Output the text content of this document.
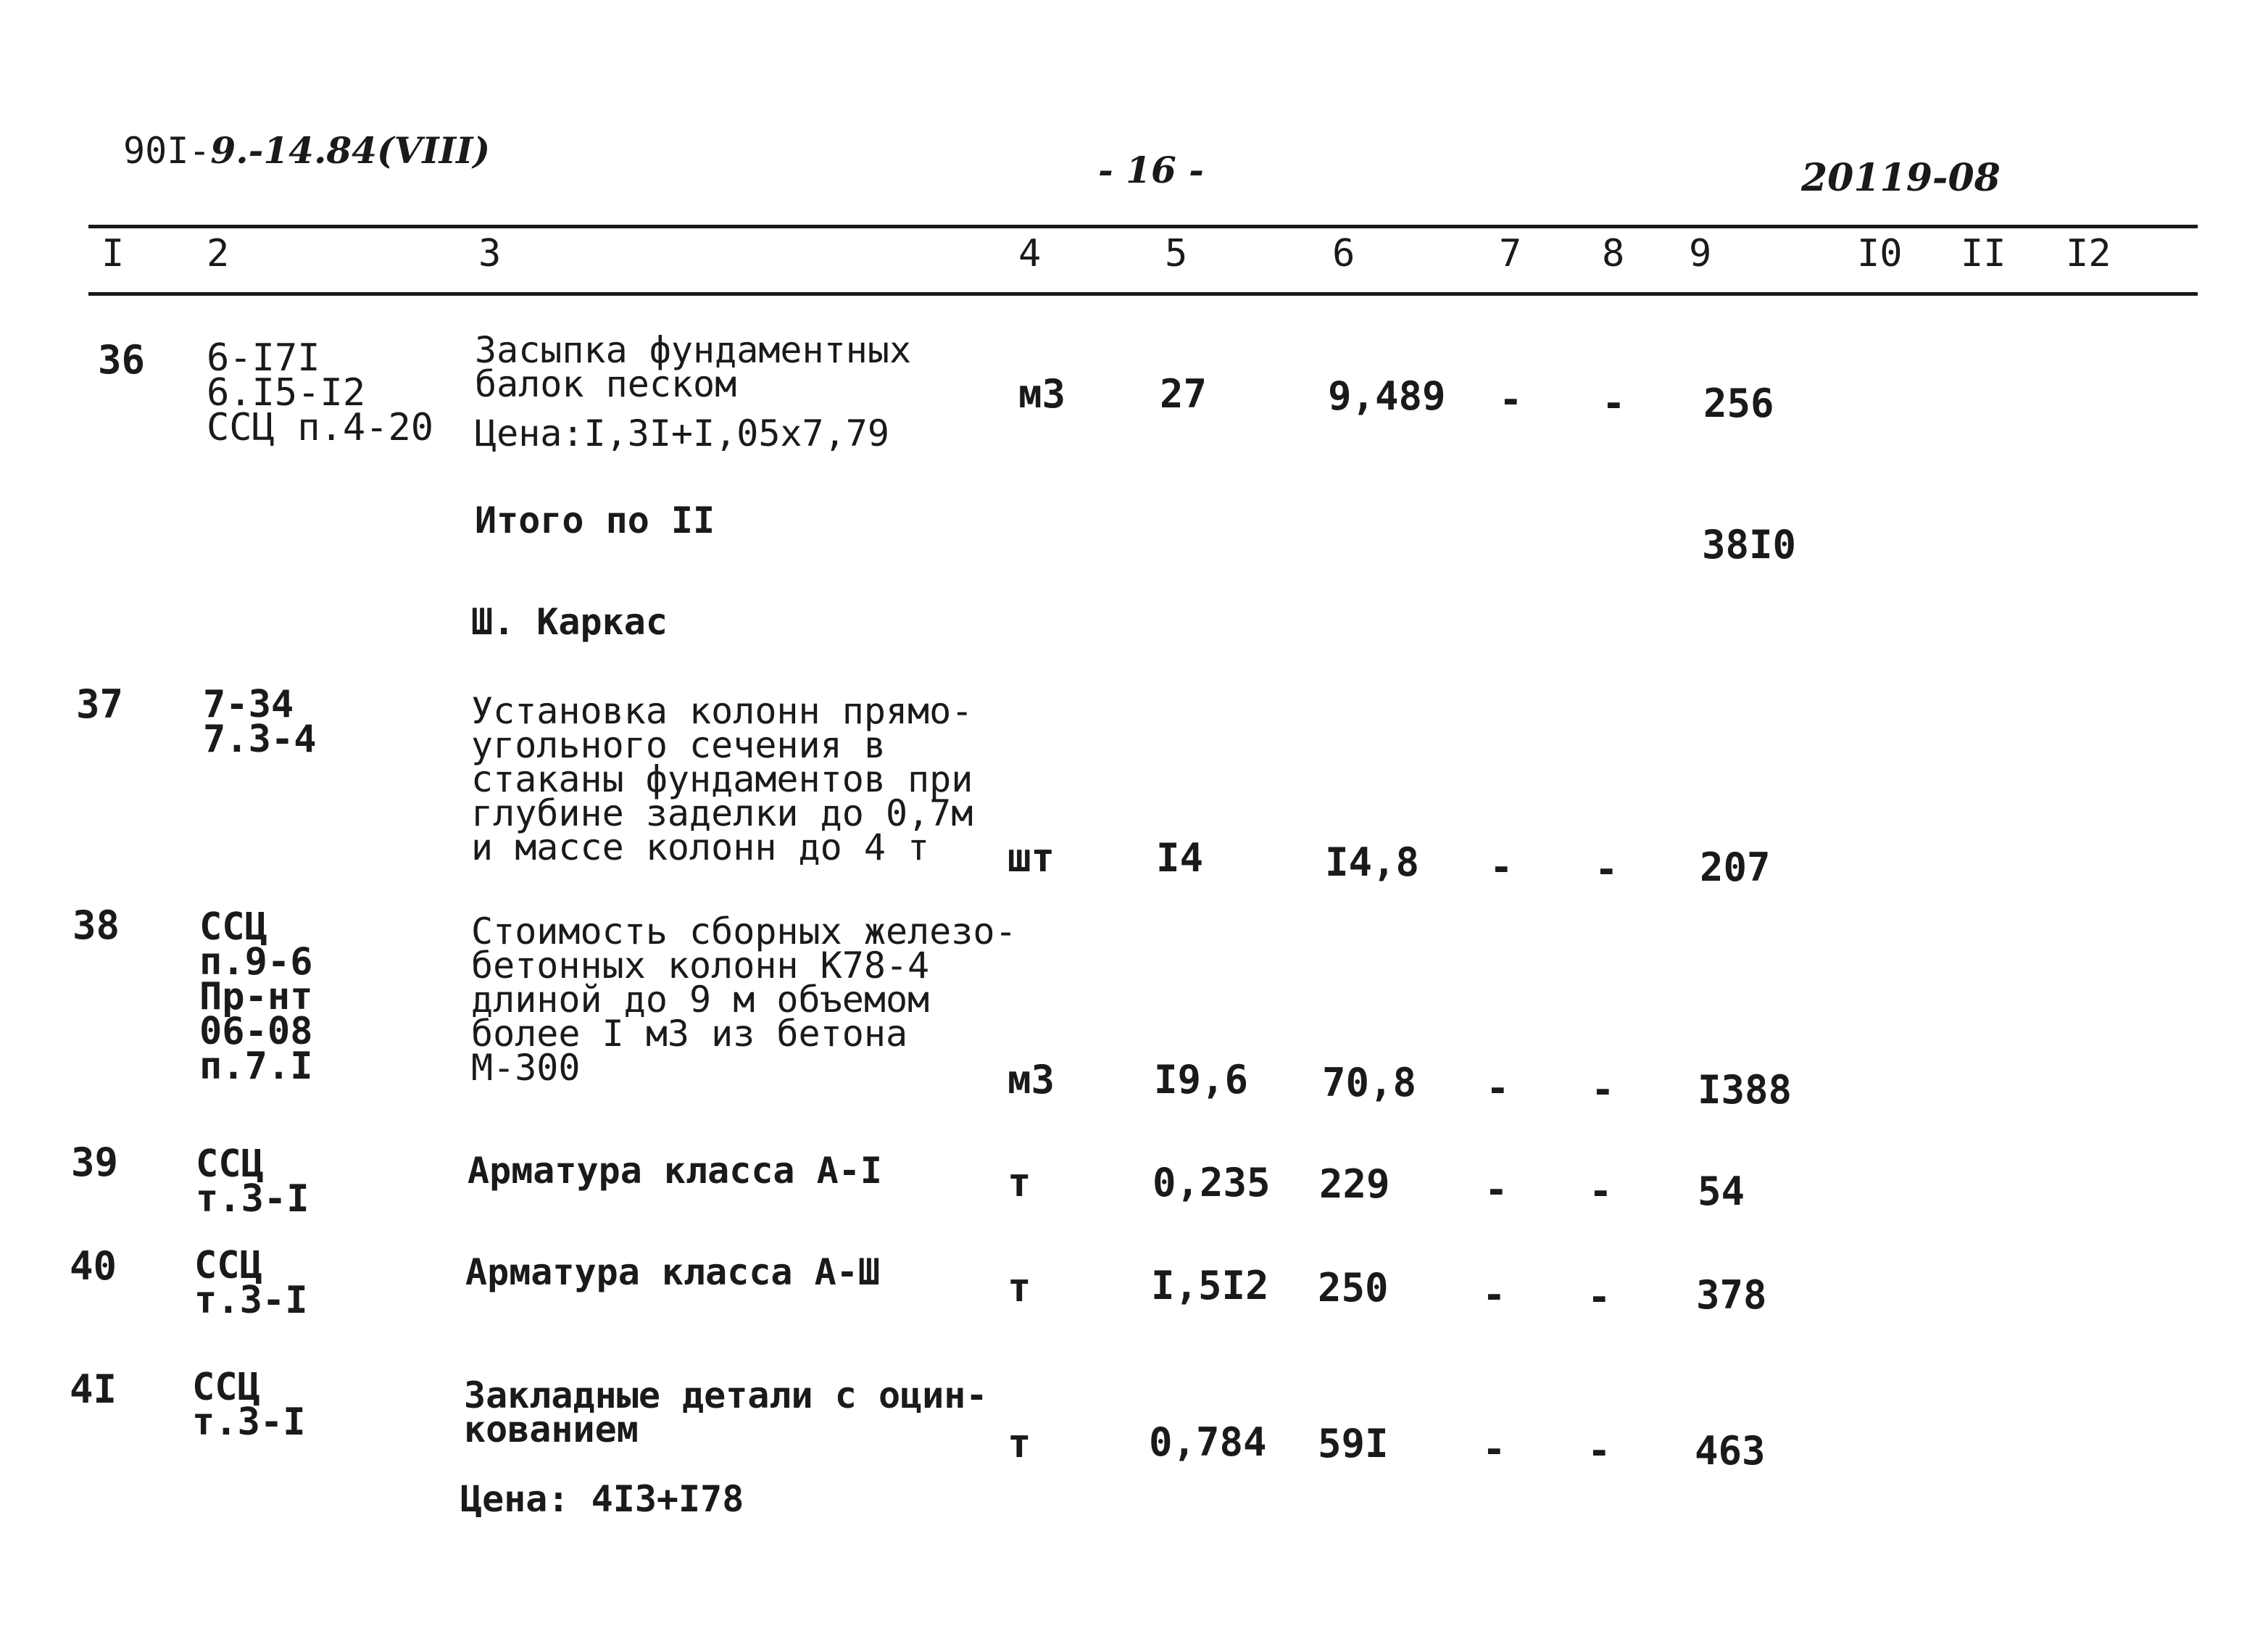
90I-9.-14.84(VIII)	- 16 -	20119-08
I 2	3	4	5	6	7 8 9	I0 II I2
36 6-I7I
6.I5-I2
ССЦ п.4-20
Засыпка фундаментных
балок песком
Цена:I,3I+I,05х7,79
м3 27	9,489 - - 256
Итого по II
38I0
Ш. Каркас
37 7-34
7.3-4
Установка колонн прямо-
угольного сечения в
стаканы фундаментов при
глубине заделки до 0,7м
и массе колонн до 4 т	шт	I4	I4,8 - - 207
38 ССЦ
п.9-6
Пр-нт
06-08
п.7.I
Стоимость сборных железо-
бетонных колонн К78-4
длиной до 9 м объемом
более I м3 из бетона
М-300	м3	I9,6 70,8 - - I388
39 ССЦ
т.3-I
Арматура класса А-I	т	0,235 229 - - 54
40 ССЦ
т.3-I
Арматура класса А-Ш	т	I,5I2 250 - - 378
4I ССЦ
т.3-I
Закладные детали с оцин-
кованием
Цена: 4I3+I78
т	0,784 59I - - 463
